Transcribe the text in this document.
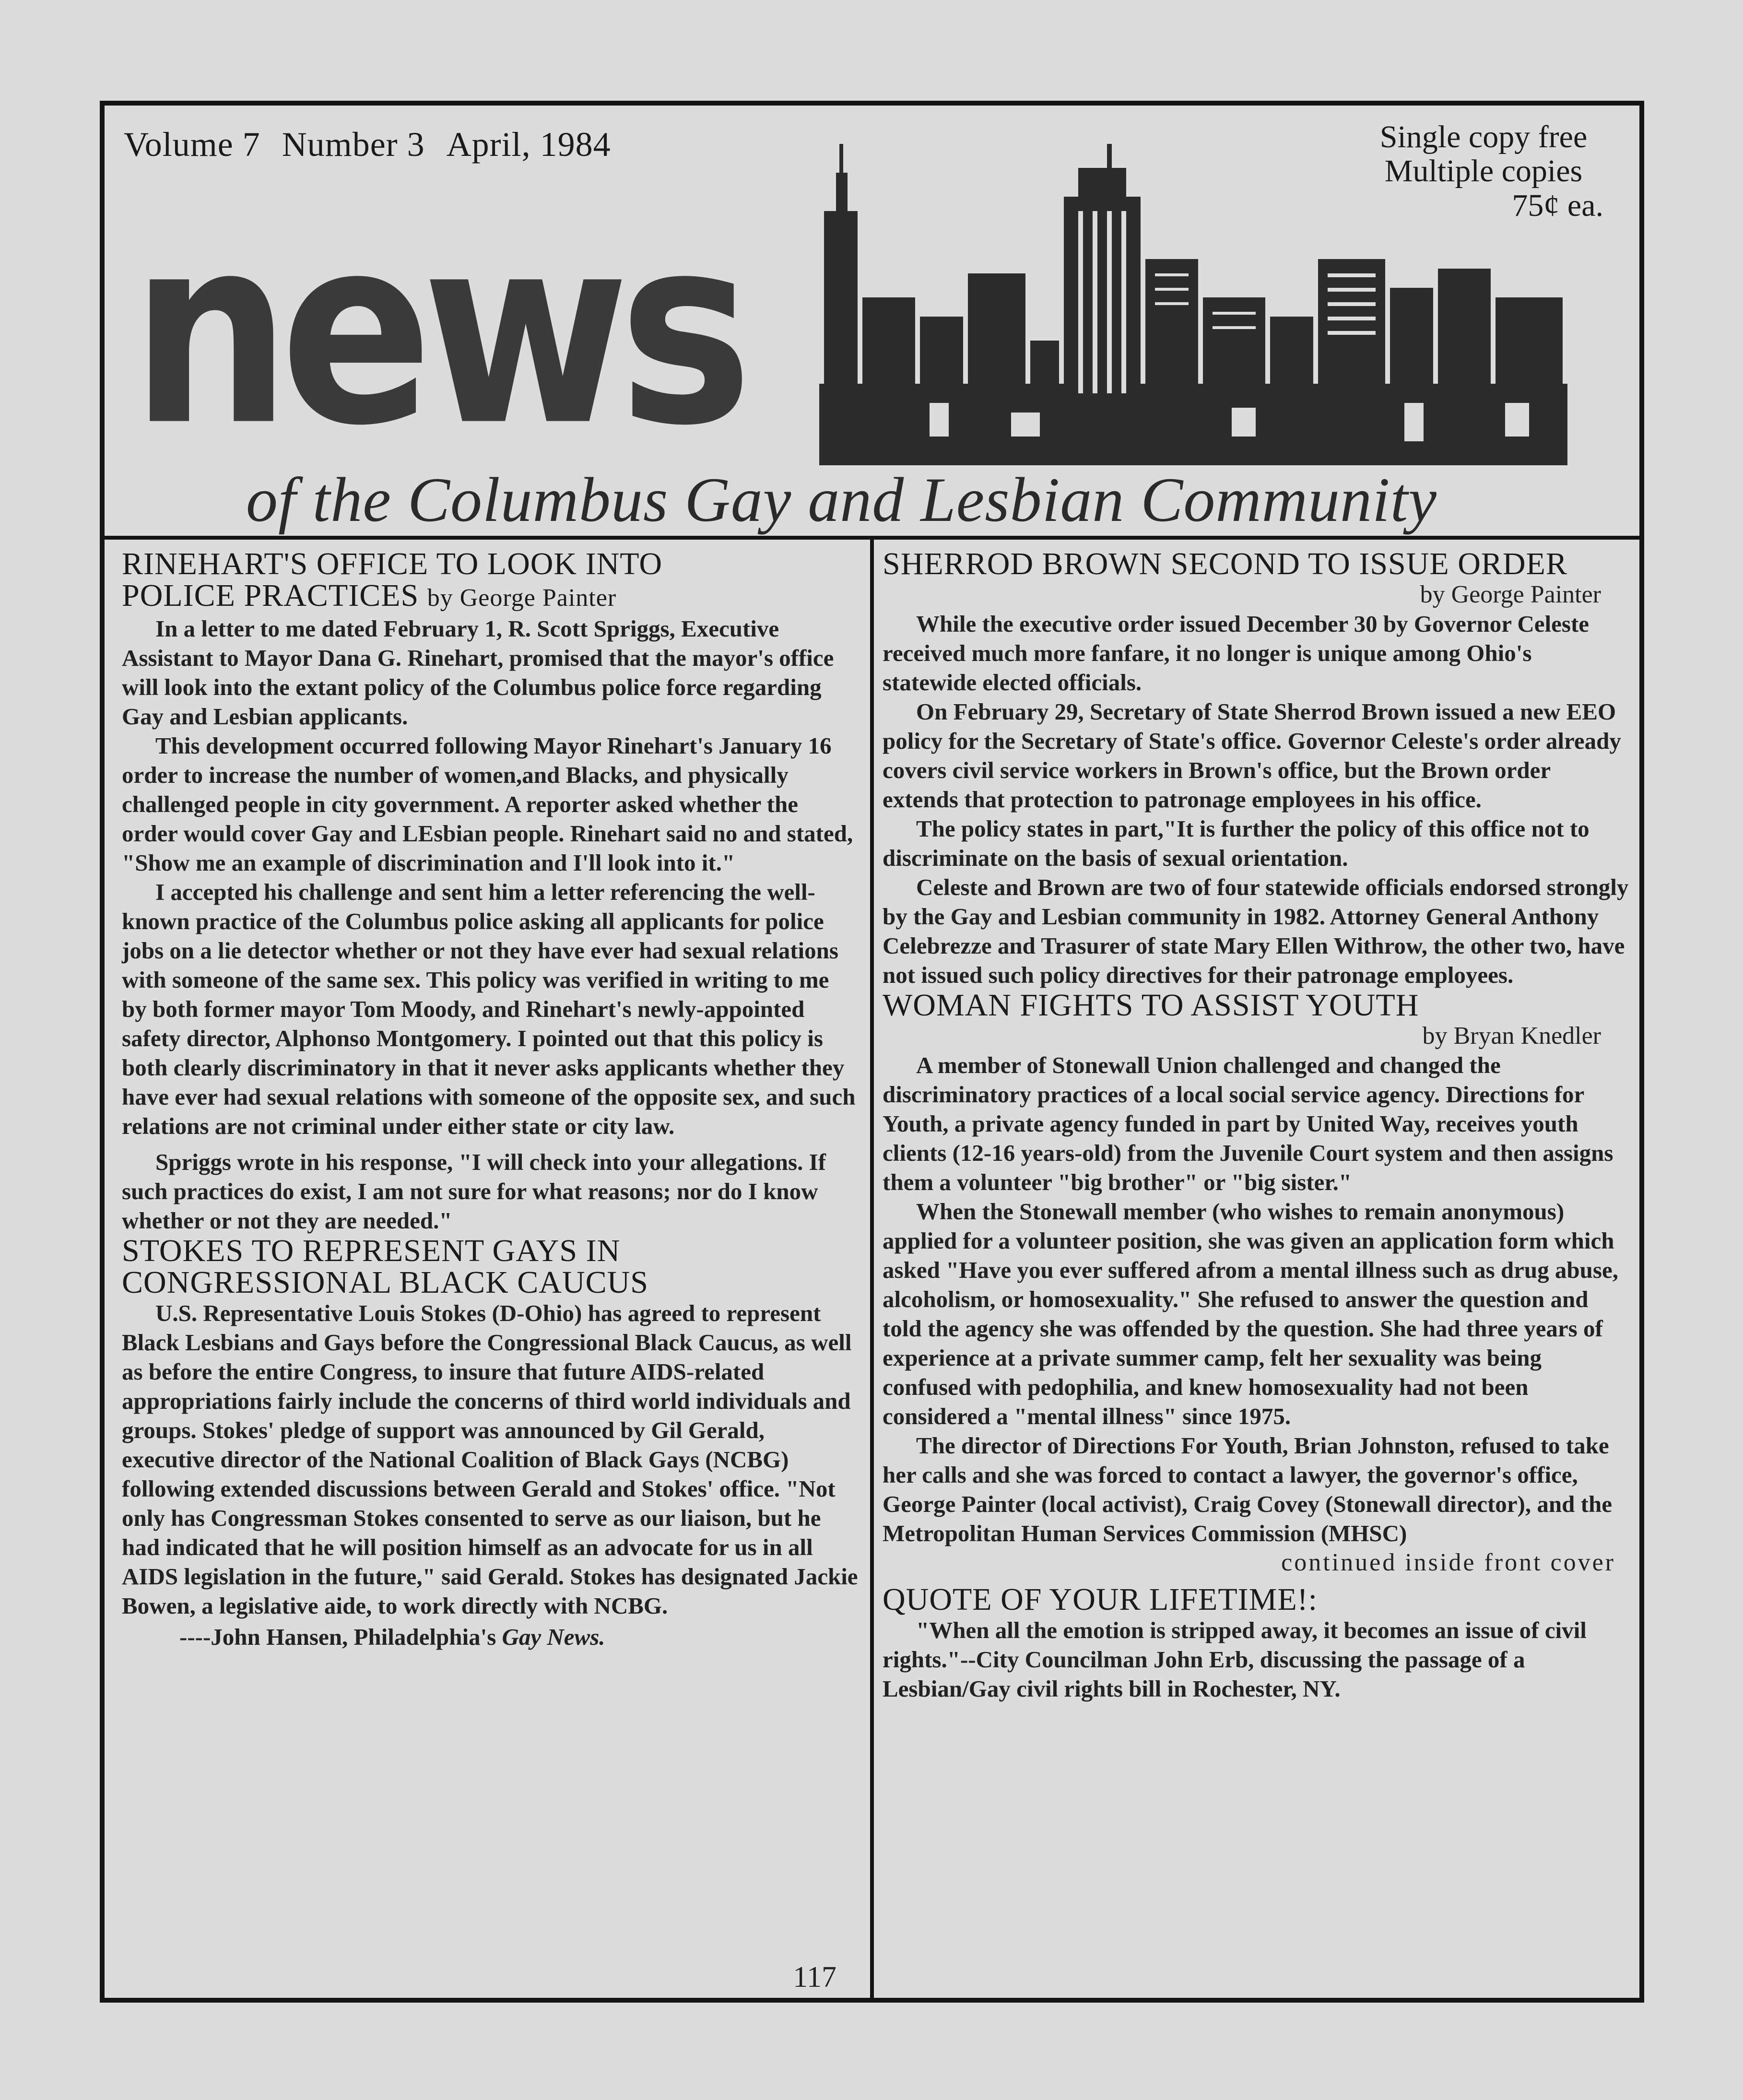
Volume 7 Number 3 April, 1984
news
Single copy free
Multiple copies
75¢ ea.
of the Columbus Gay and Lesbian Community
RINEHART'S OFFICE TO LOOK INTO
POLICE PRACTICES by George Painter

In a letter to me dated February 1, R. Scott Spriggs, Executive Assistant to Mayor Dana G. Rinehart, promised that the mayor's office will look into the extant policy of the Columbus police force regarding Gay and Lesbian applicants.

This development occurred following Mayor Rinehart's January 16 order to increase the number of women,and Blacks, and physically challenged people in city government. A reporter asked whether the order would cover Gay and LEsbian people. Rinehart said no and stated, "Show me an example of discrimination and I'll look into it."

I accepted his challenge and sent him a letter referencing the well-known practice of the Columbus police asking all applicants for police jobs on a lie detector whether or not they have ever had sexual relations with someone of the same sex. This policy was verified in writing to me by both former mayor Tom Moody, and Rinehart's newly-appointed safety director, Alphonso Montgomery. I pointed out that this policy is both clearly discriminatory in that it never asks applicants whether they have ever had sexual relations with someone of the opposite sex, and such relations are not criminal under either state or city law.

Spriggs wrote in his response, "I will check into your allegations. If such practices do exist, I am not sure for what reasons; nor do I know whether or not they are needed."

STOKES TO REPRESENT GAYS IN
CONGRESSIONAL BLACK CAUCUS

U.S. Representative Louis Stokes (D-Ohio) has agreed to represent Black Lesbians and Gays before the Congressional Black Caucus, as well as before the entire Congress, to insure that future AIDS-related appropriations fairly include the concerns of third world individuals and groups. Stokes' pledge of support was announced by Gil Gerald, executive director of the National Coalition of Black Gays (NCBG) following extended discussions between Gerald and Stokes' office. "Not only has Congressman Stokes consented to serve as our liaison, but he had indicated that he will position himself as an advocate for us in all AIDS legislation in the future," said Gerald. Stokes has designated Jackie Bowen, a legislative aide, to work directly with NCBG.

----John Hansen, Philadelphia's Gay News.
117
SHERROD BROWN SECOND TO ISSUE ORDER
by George Painter

While the executive order issued December 30 by Governor Celeste received much more fanfare, it no longer is unique among Ohio's statewide elected officials.

On February 29, Secretary of State Sherrod Brown issued a new EEO policy for the Secretary of State's office. Governor Celeste's order already covers civil service workers in Brown's office, but the Brown order extends that protection to patronage employees in his office.

The policy states in part,"It is further the policy of this office not to discriminate on the basis of sexual orientation.

Celeste and Brown are two of four statewide officials endorsed strongly by the Gay and Lesbian community in 1982. Attorney General Anthony Celebrezze and Trasurer of state Mary Ellen Withrow, the other two, have not issued such policy directives for their patronage employees.

WOMAN FIGHTS TO ASSIST YOUTH
by Bryan Knedler

A member of Stonewall Union challenged and changed the discriminatory practices of a local social service agency. Directions for Youth, a private agency funded in part by United Way, receives youth clients (12-16 years-old) from the Juvenile Court system and then assigns them a volunteer "big brother" or "big sister."

When the Stonewall member (who wishes to remain anonymous) applied for a volunteer position, she was given an application form which asked "Have you ever suffered afrom a mental illness such as drug abuse, alcoholism, or homosexuality." She refused to answer the question and told the agency she was offended by the question. She had three years of experience at a private summer camp, felt her sexuality was being confused with pedophilia, and knew homosexuality had not been considered a "mental illness" since 1975.

The director of Directions For Youth, Brian Johnston, refused to take her calls and she was forced to contact a lawyer, the governor's office, George Painter (local activist), Craig Covey (Stonewall director), and the Metropolitan Human Services Commission (MHSC)

continued inside front cover
QUOTE OF YOUR LIFETIME!:

"When all the emotion is stripped away, it becomes an issue of civil rights."--City Councilman John Erb, discussing the passage of a Lesbian/Gay civil rights bill in Rochester, NY.
